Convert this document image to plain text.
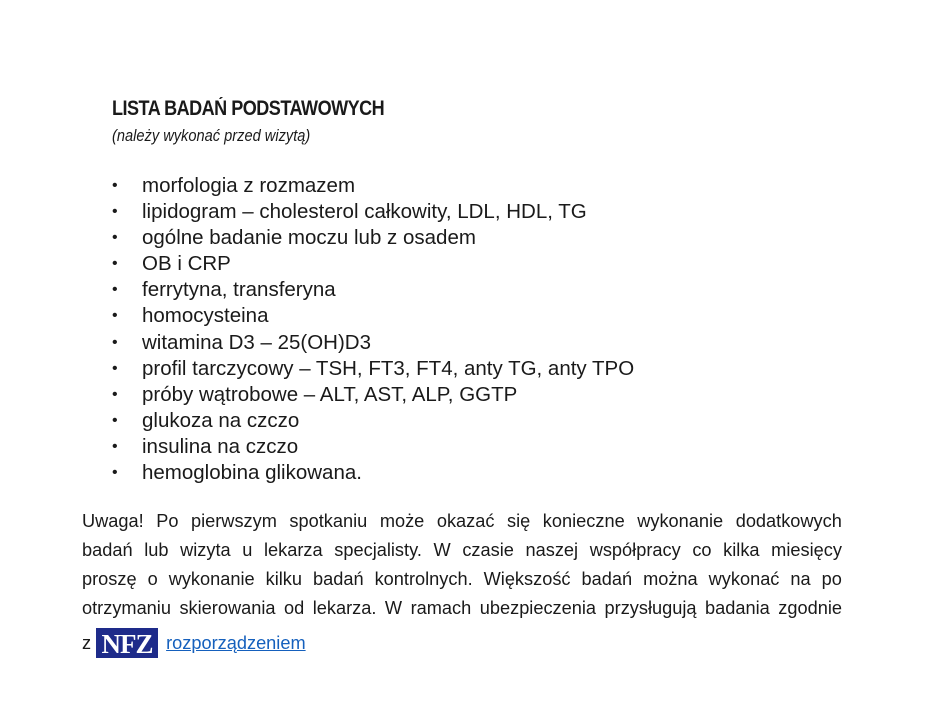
LISTA BADAŃ PODSTAWOWYCH
(należy wykonać przed wizytą)
• morfologia z rozmazem
• lipidogram – cholesterol całkowity, LDL, HDL, TG
• ogólne badanie moczu lub z osadem
• OB i CRP
• ferrytyna, transferyna
• homocysteina
• witamina D3 – 25(OH)D3
• profil tarczycowy – TSH, FT3, FT4, anty TG, anty TPO
• próby wątrobowe – ALT, AST, ALP, GGTP
• glukoza na czczo
• insulina na czczo
• hemoglobina glikowana.
Uwaga! Po pierwszym spotkaniu może okazać się konieczne wykonanie dodatkowych
badań lub wizyta u lekarza specjalisty. W czasie naszej współpracy co kilka miesięcy
proszę o wykonanie kilku badań kontrolnych. Większość badań można wykonać na po
otrzymaniu skierowania od lekarza. W ramach ubezpieczenia przysługują badania zgodnie
z NFZ rozporządzeniem
